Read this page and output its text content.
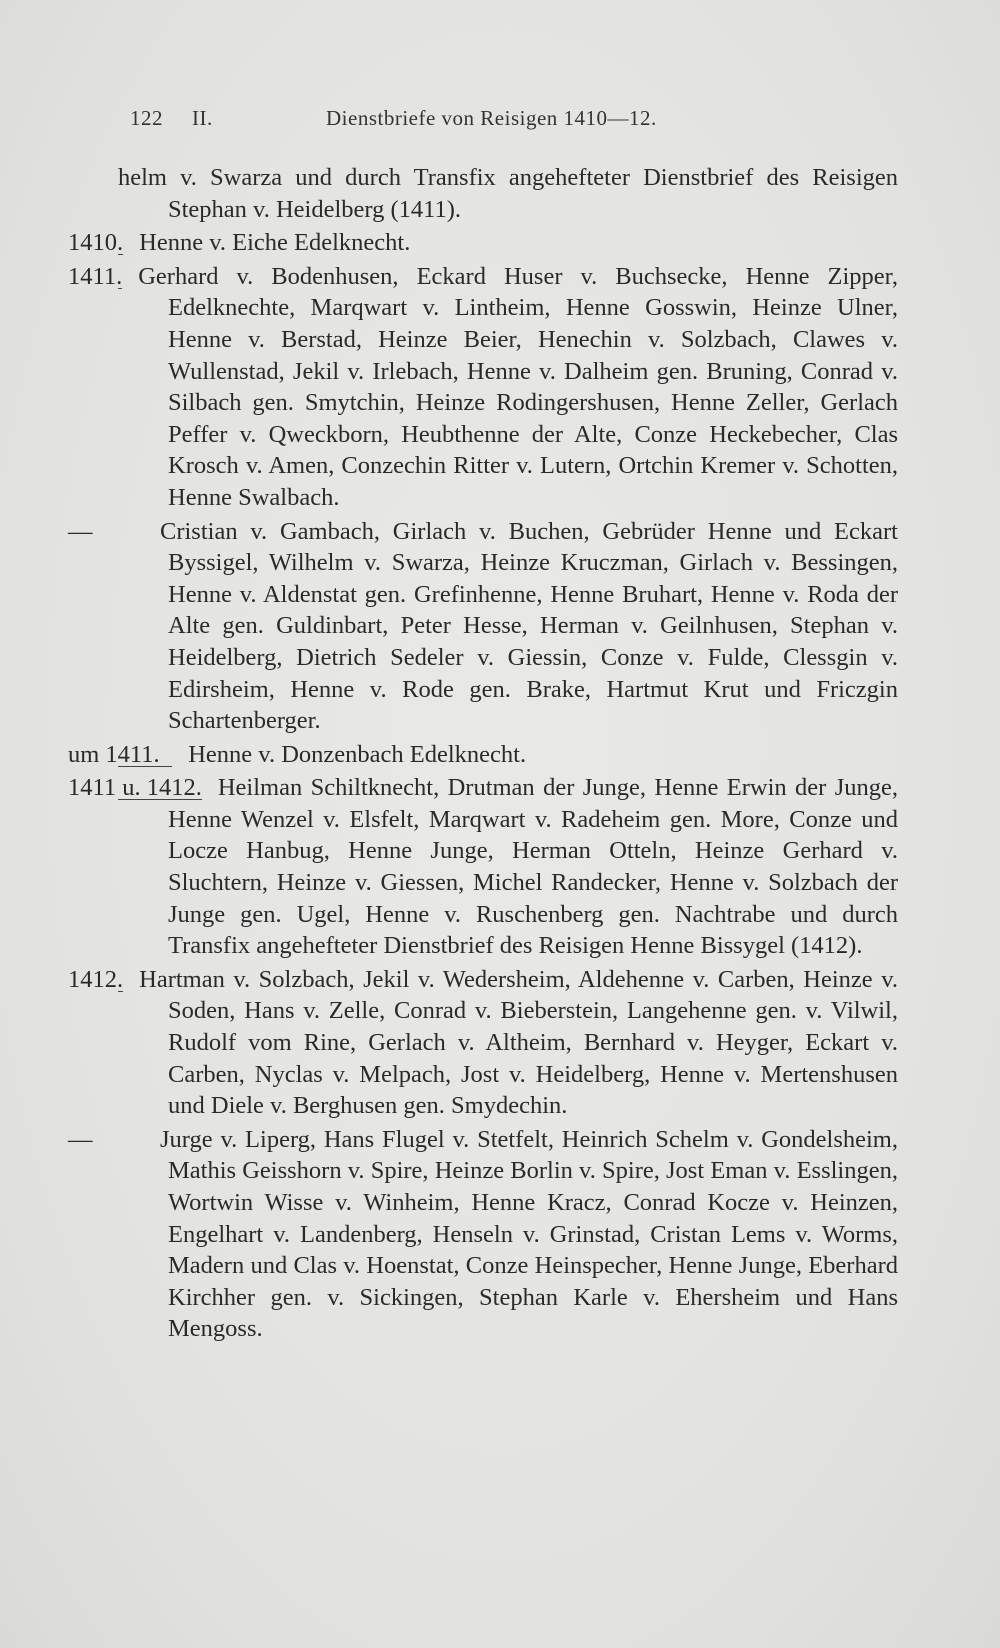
122 II.	Dienstbriefe von Reisigen 1410—12.

helm v. Swarza und durch Transfix angehefteter Dienstbrief des Reisigen Stephan v. Heidelberg (1411).

1410. Henne v. Eiche Edelknecht.

1411. Gerhard v. Bodenhusen, Eckard Huser v. Buchsecke, Henne Zipper, Edelknechte, Marqwart v. Lintheim, Henne Gosswin, Heinze Ulner, Henne v. Berstad, Heinze Beier, Henechin v. Solzbach, Clawes v. Wullenstad, Jekil v. Irlebach, Henne v. Dalheim gen. Bruning, Conrad v. Silbach gen. Smytchin, Heinze Rodingershusen, Henne Zeller, Gerlach Peffer v. Qweckborn, Heubthenne der Alte, Conze Heckebecher, Clas Krosch v. Amen, Conzechin Ritter v. Lutern, Ortchin Kremer v. Schotten, Henne Swalbach.

—	Cristian v. Gambach, Girlach v. Buchen, Gebrüder Henne und Eckart Byssigel, Wilhelm v. Swarza, Heinze Kruczman, Girlach v. Bessingen, Henne v. Aldenstat gen. Grefinhenne, Henne Bruhart, Henne v. Roda der Alte gen. Guldinbart, Peter Hesse, Herman v. Geilnhusen, Stephan v. Heidelberg, Dietrich Sedeler v. Giessin, Conze v. Fulde, Clessgin v. Edirsheim, Henne v. Rode gen. Brake, Hartmut Krut und Friczgin Schartenberger.

um 1411. Henne v. Donzenbach Edelknecht.

1411 u. 1412. Heilman Schiltknecht, Drutman der Junge, Henne Erwin der Junge, Henne Wenzel v. Elsfelt, Marqwart v. Radeheim gen. More, Conze und Locze Hanbug, Henne Junge, Herman Otteln, Heinze Gerhard v. Sluchtern, Heinze v. Giessen, Michel Randecker, Henne v. Solzbach der Junge gen. Ugel, Henne v. Ruschenberg gen. Nachtrabe und durch Transfix angehefteter Dienstbrief des Reisigen Henne Bissygel (1412).

1412. Hartman v. Solzbach, Jekil v. Wedersheim, Aldehenne v. Carben, Heinze v. Soden, Hans v. Zelle, Conrad v. Bieberstein, Langehenne gen. v. Vilwil, Rudolf vom Rine, Gerlach v. Altheim, Bernhard v. Heyger, Eckart v. Carben, Nyclas v. Melpach, Jost v. Heidelberg, Henne v. Mertenshusen und Diele v. Berghusen gen. Smydechin.

—	Jurge v. Liperg, Hans Flugel v. Stetfelt, Heinrich Schelm v. Gondelsheim, Mathis Geisshorn v. Spire, Heinze Borlin v. Spire, Jost Eman v. Esslingen, Wortwin Wisse v. Winheim, Henne Kracz, Conrad Kocze v. Heinzen, Engelhart v. Landenberg, Henseln v. Grinstad, Cristan Lems v. Worms, Madern und Clas v. Hoenstat, Conze Heinspecher, Henne Junge, Eberhard Kirchher gen. v. Sickingen, Stephan Karle v. Ehersheim und Hans Mengoss.
